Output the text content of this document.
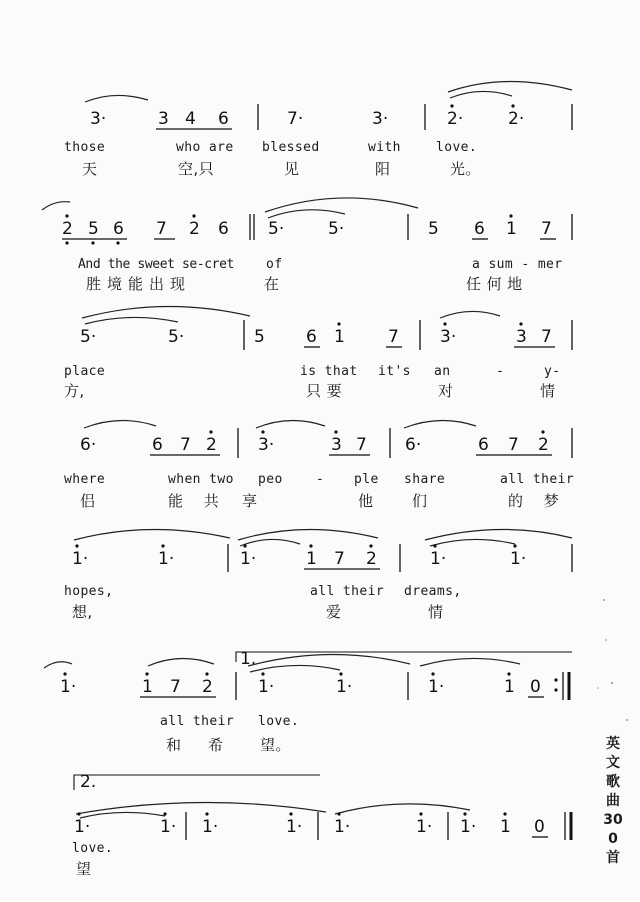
3·	3 4 6	7·	3·	2·	2·
2 5 6 7 2 6 5·	5·	5 6 1 7
5·	5·	5 6 1	7 3·	3 7
6·	6 7 2 3·	3 7 6·	6 7 2
1·	1·	1·	1 7 2	1·	1·
1.
1·	1 7 2	1·	1·	1·	1 0
2.
1·	1· 1·	1· 1·	1· 1· 1 0
those	who are blessed	with	love.
天	空,只	见	阳	光。
And the sweet se-cret of	a sum - mer
胜境能出现	在	任 何 地
place	is that it's an	-	y-
方,	只 要	对	情
where	when two peo	- ple share	all their
侣	能 共 享	他	们	的 梦
hopes,	all their dreams,
想,	爱	情
all their love.
和 希 望。
love.
望
英文歌曲300首
